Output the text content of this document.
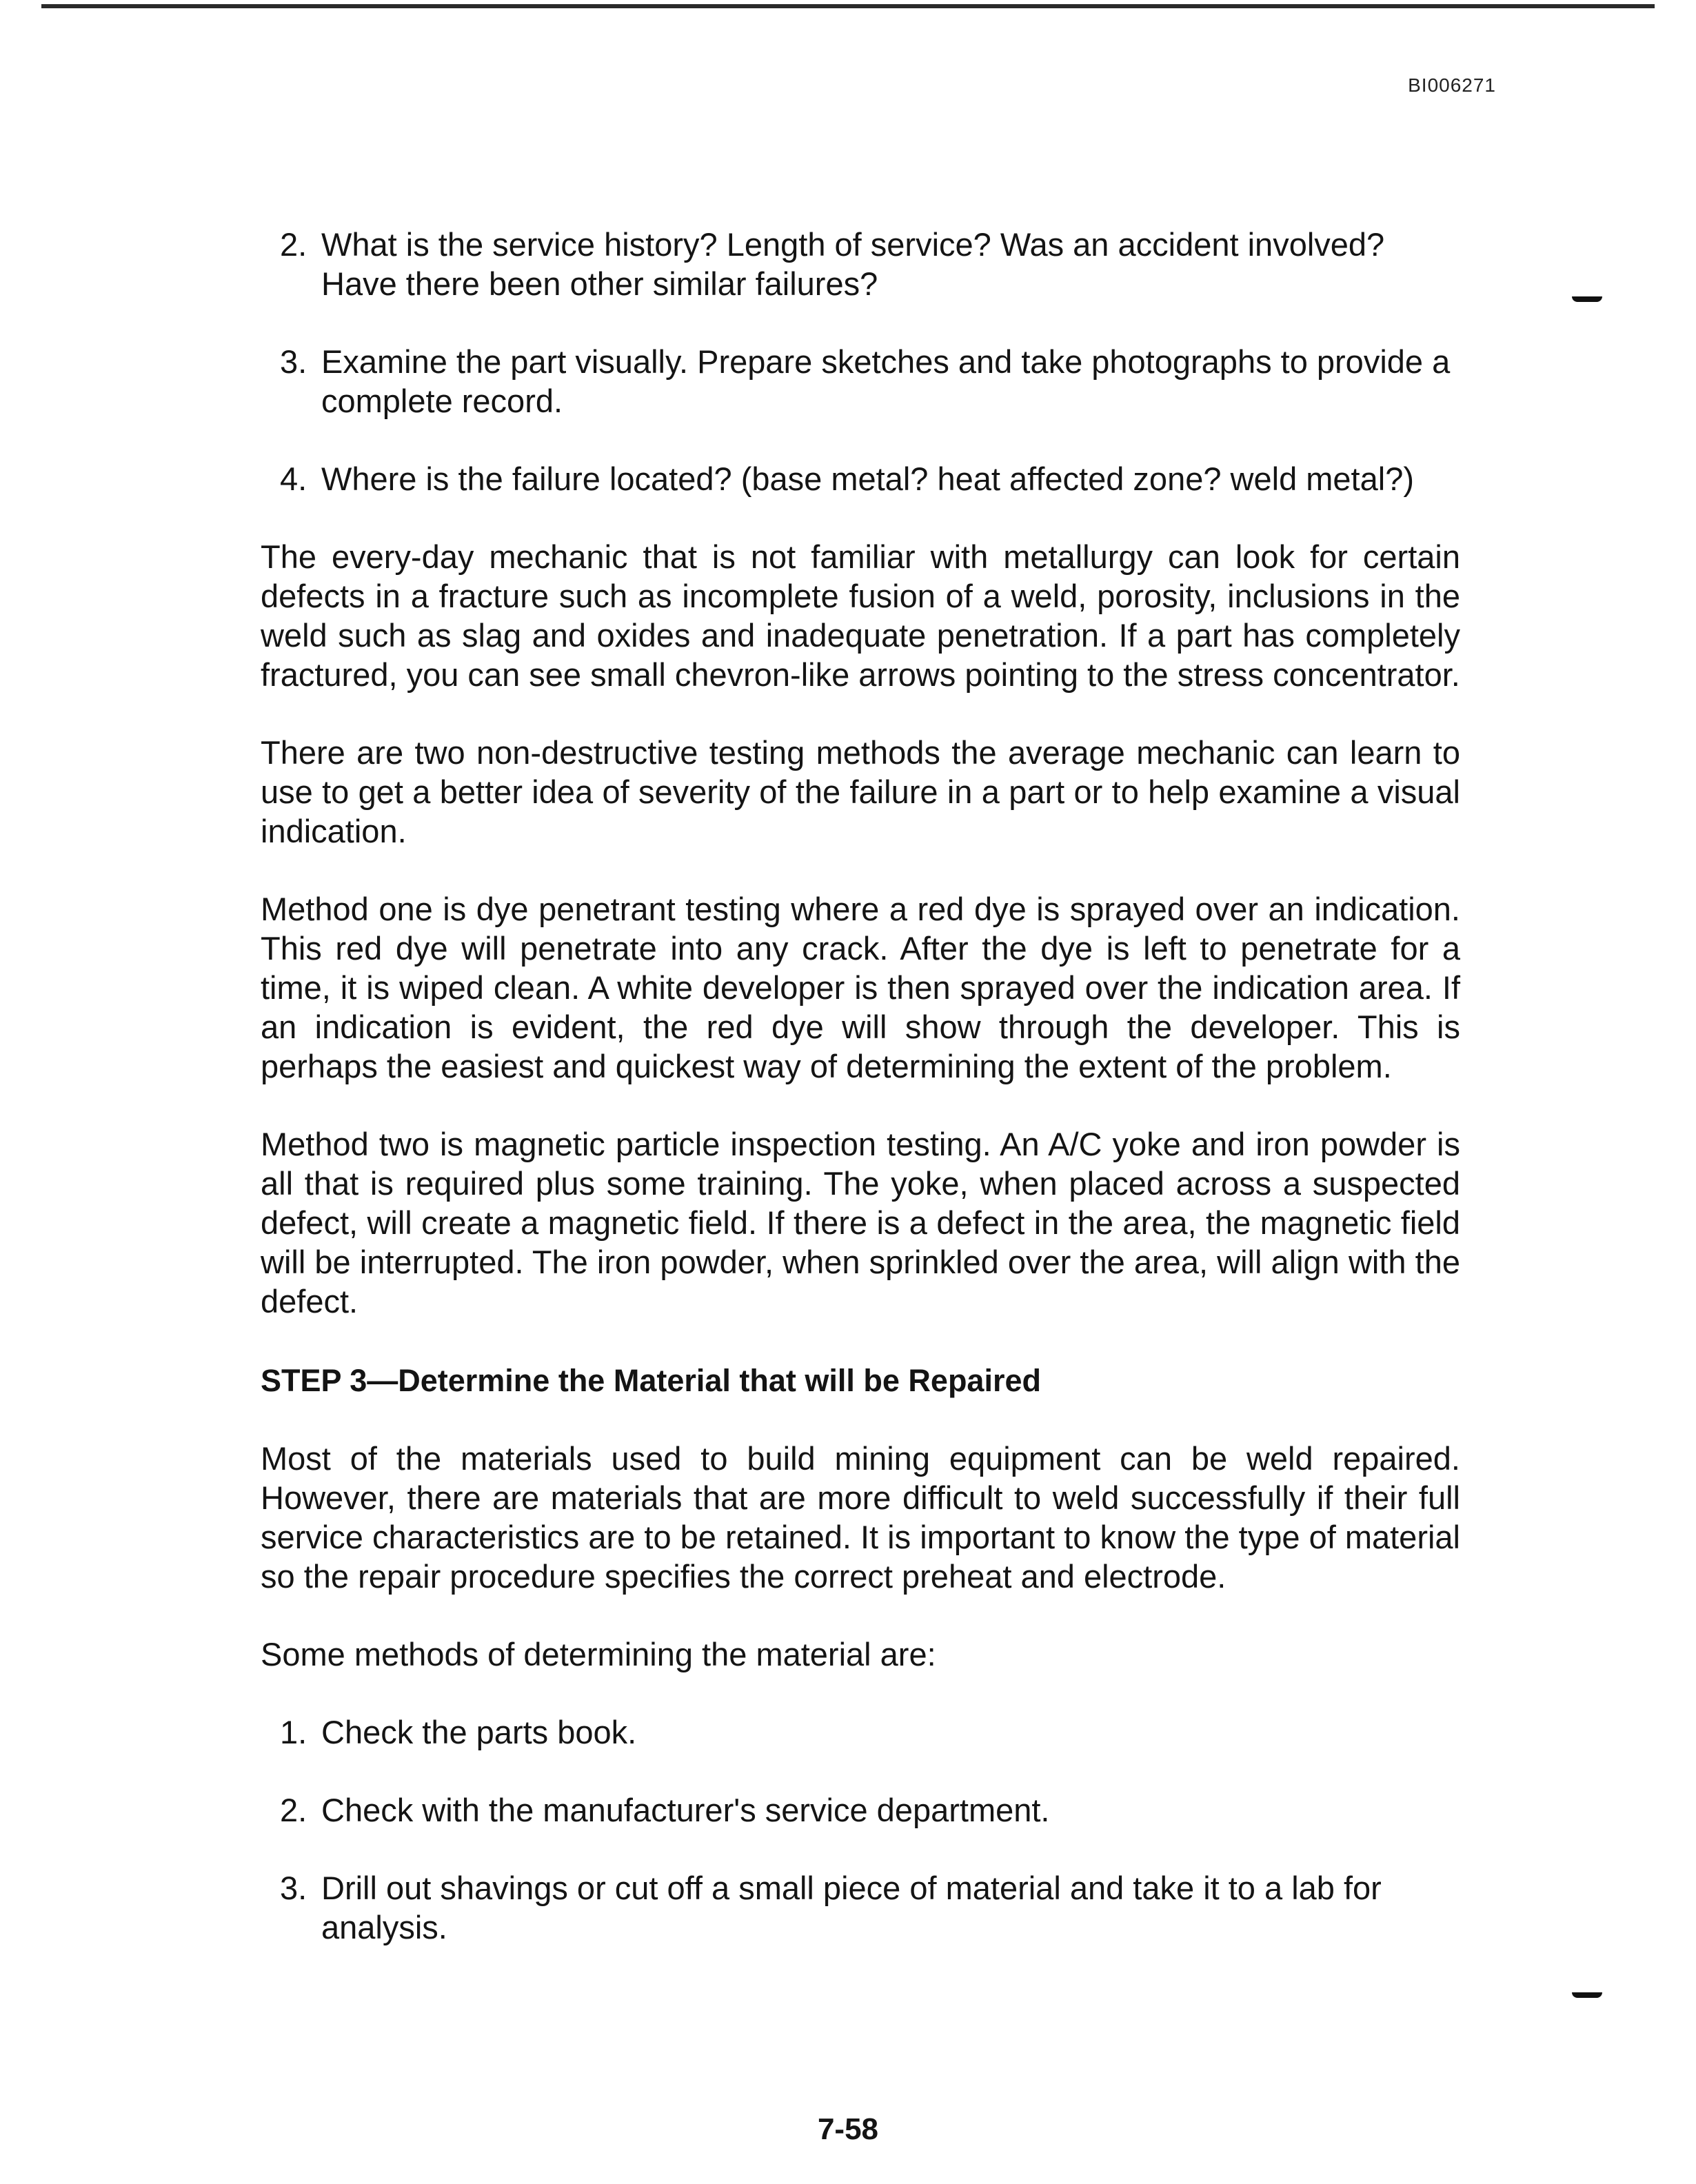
BI006271
2. What is the service history? Length of service? Was an accident involved? Have there been other similar failures?
3. Examine the part visually. Prepare sketches and take photographs to provide a complete record.
4. Where is the failure located? (base metal? heat affected zone? weld metal?)

The every-day mechanic that is not familiar with metallurgy can look for certain defects in a fracture such as incomplete fusion of a weld, porosity, inclusions in the weld such as slag and oxides and inadequate penetration. If a part has completely fractured, you can see small chevron-like arrows pointing to the stress concentrator.

There are two non-destructive testing methods the average mechanic can learn to use to get a better idea of severity of the failure in a part or to help examine a visual indication.

Method one is dye penetrant testing where a red dye is sprayed over an indication. This red dye will penetrate into any crack. After the dye is left to penetrate for a time, it is wiped clean. A white developer is then sprayed over the indication area. If an indication is evident, the red dye will show through the developer. This is perhaps the easiest and quickest way of determining the extent of the problem.

Method two is magnetic particle inspection testing. An A/C yoke and iron powder is all that is required plus some training. The yoke, when placed across a suspected defect, will create a magnetic field. If there is a defect in the area, the magnetic field will be interrupted. The iron powder, when sprinkled over the area, will align with the defect.

STEP 3—Determine the Material that will be Repaired

Most of the materials used to build mining equipment can be weld repaired. However, there are materials that are more difficult to weld successfully if their full service characteristics are to be retained. It is important to know the type of material so the repair procedure specifies the correct preheat and electrode.

Some methods of determining the material are:

1. Check the parts book.
2. Check with the manufacturer's service department.
3. Drill out shavings or cut off a small piece of material and take it to a lab for analysis.
7-58
